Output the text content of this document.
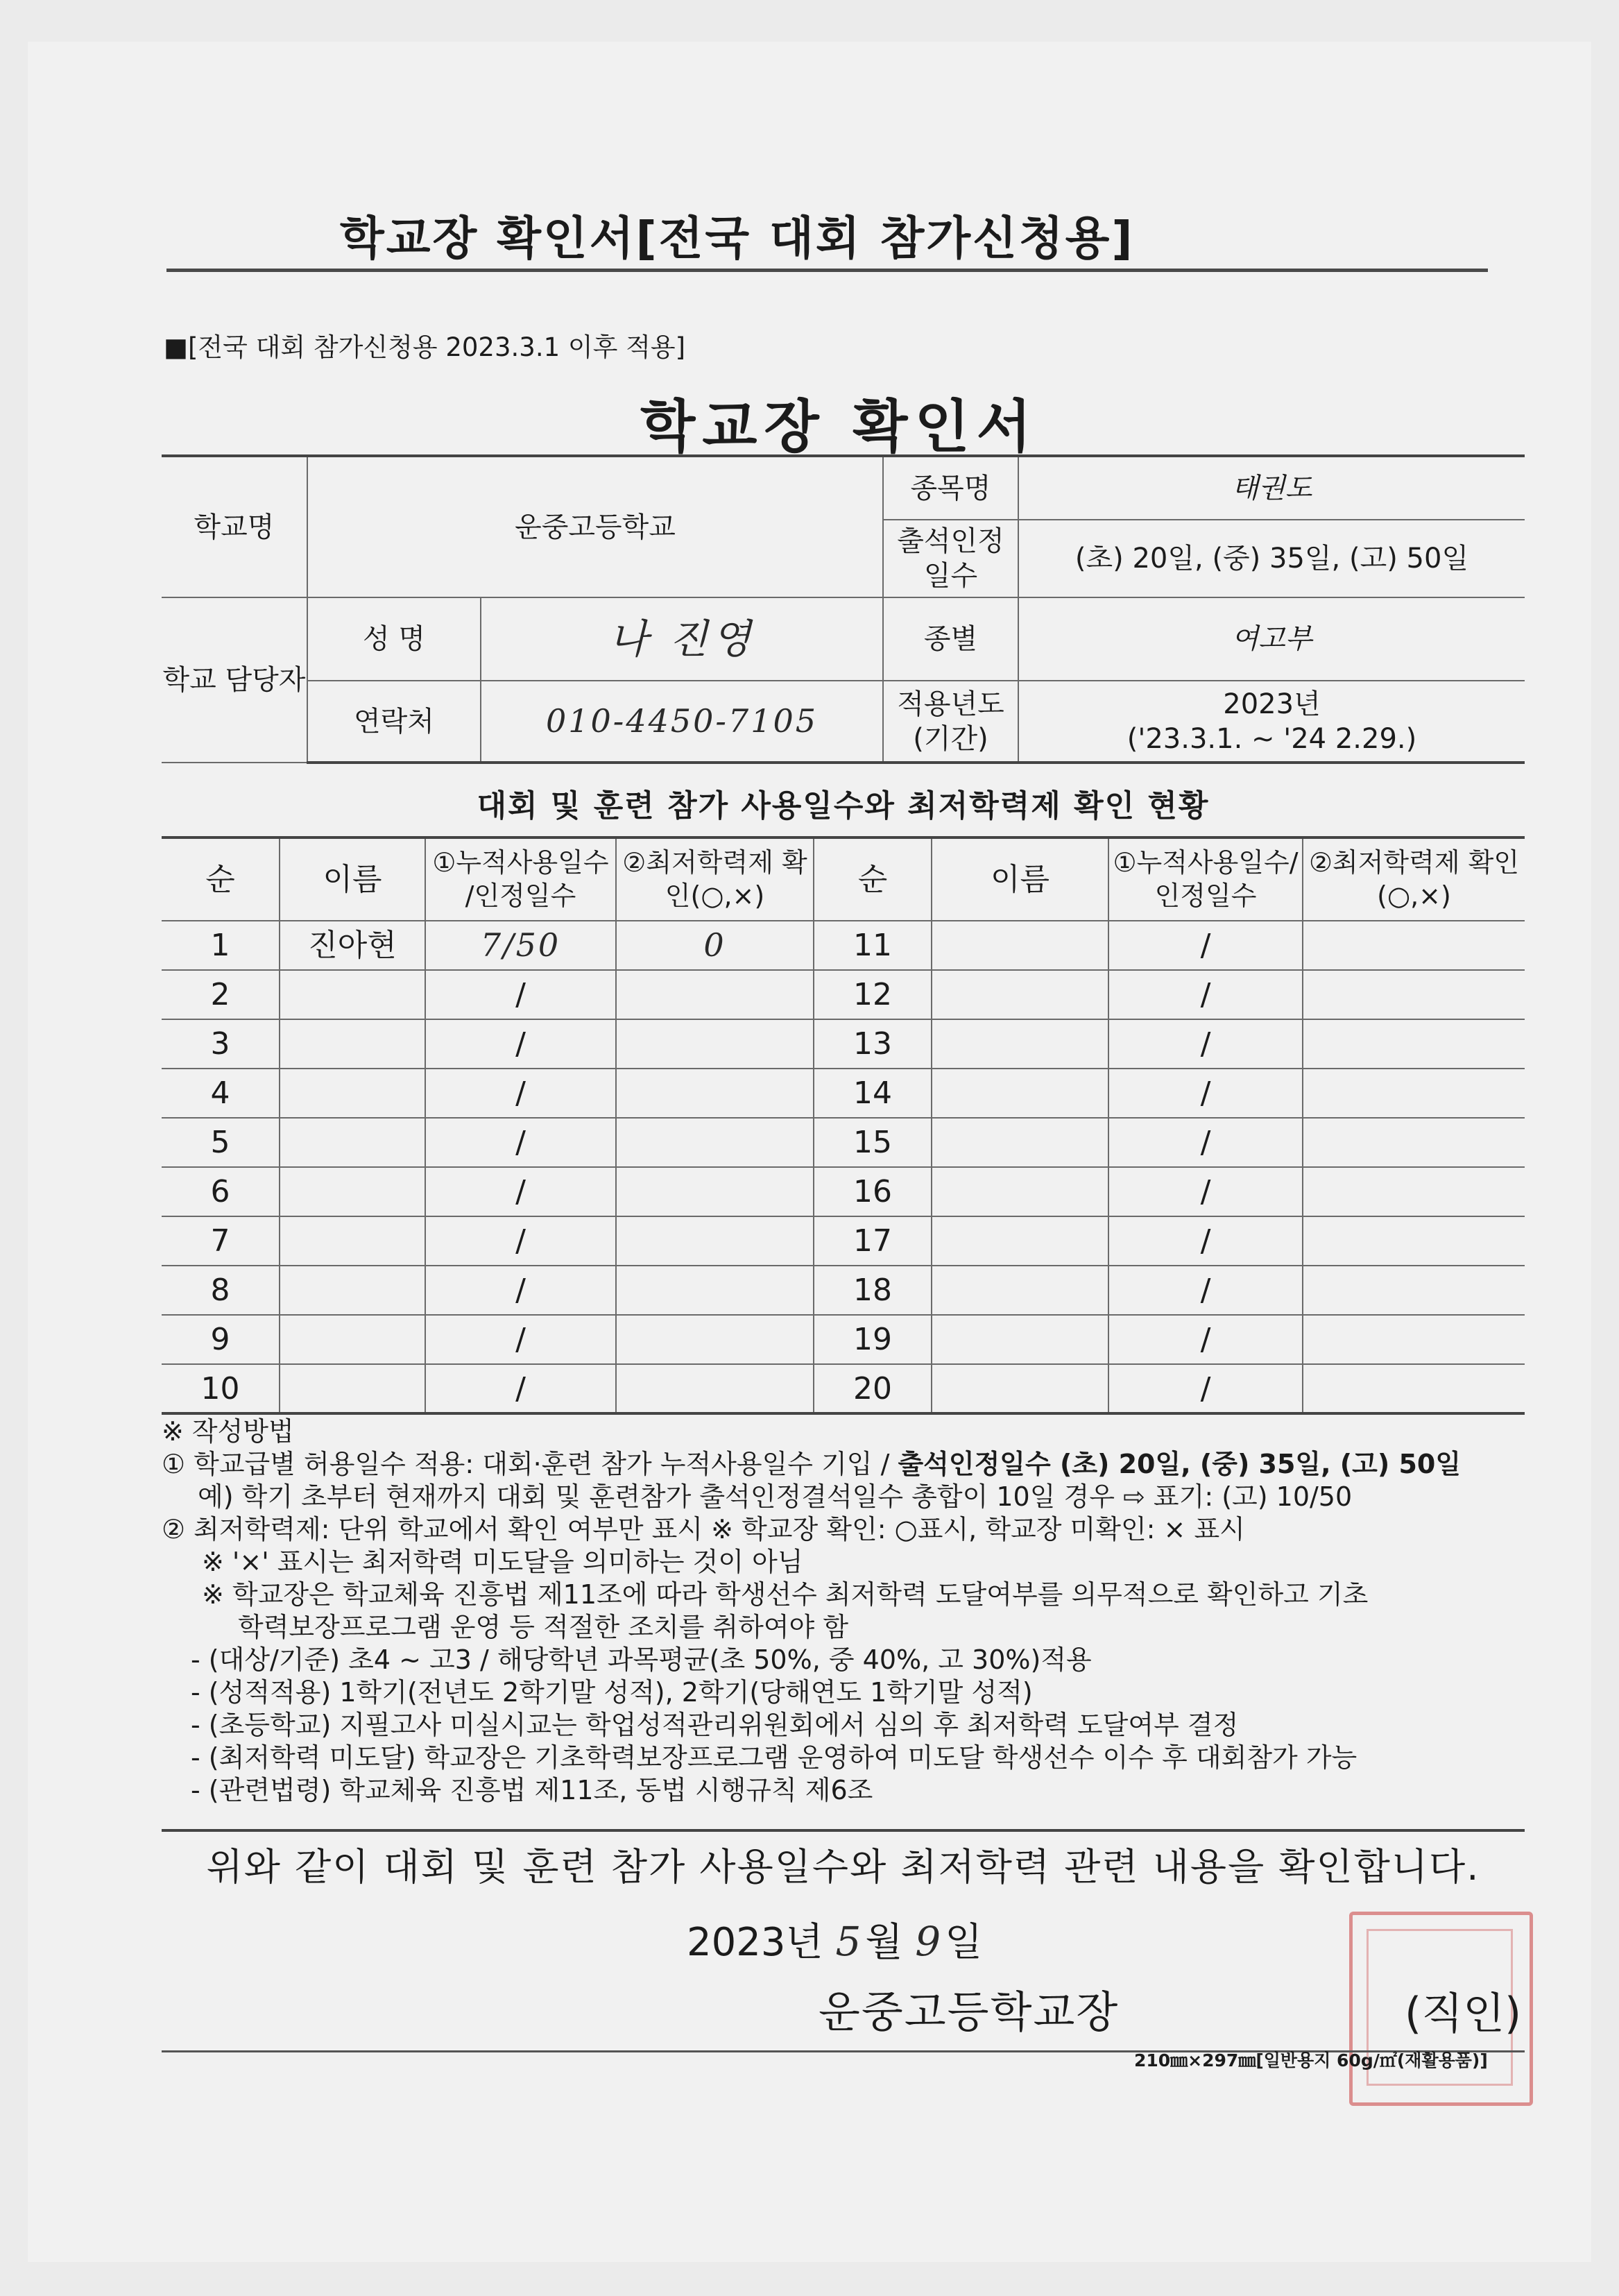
학교장 확인서[전국 대회 참가신청용]
■[전국 대회 참가신청용 2023.3.1 이후 적용]
학교장 확인서
학교명	운중고등학교		종목명	태권도
			출석인정 일수	(초) 20일, (중) 35일, (고) 50일
학교 담당자	성 명	나 진영	종별	여고부
	연락처	010-4450-7105	적용년도 (기간)	2023년
('23.3.1. ~ '24 2.29.)
대회 및 훈련 참가 사용일수와 최저학력제 확인 현황
순	이름	①누적사용일수 /인정일수	②최저학력제 확인(○,×)	순	이름	①누적사용일수/ 인정일수	②최저학력제 확인(○,×)
1	진아현	7/50	0	11		/	
2		/		12		/	
3		/		13		/	
4		/		14		/	
5		/		15		/	
6		/		16		/	
7		/		17		/	
8		/		18		/	
9		/		19		/	
10		/		20		/	
※ 작성방법
① 학교급별 허용일수 적용: 대회·훈련 참가 누적사용일수 기입 / 출석인정일수 (초) 20일, (중) 35일, (고) 50일
예) 학기 초부터 현재까지 대회 및 훈련참가 출석인정결석일수 총합이 10일 경우 ⇨ 표기: (고) 10/50
② 최저학력제: 단위 학교에서 확인 여부만 표시 ※ 학교장 확인: ○표시, 학교장 미확인: × 표시
※ '×' 표시는 최저학력 미도달을 의미하는 것이 아님
※ 학교장은 학교체육 진흥법 제11조에 따라 학생선수 최저학력 도달여부를 의무적으로 확인하고 기초
학력보장프로그램 운영 등 적절한 조치를 취하여야 함
- (대상/기준) 초4 ~ 고3 / 해당학년 과목평균(초 50%, 중 40%, 고 30%)적용
- (성적적용) 1학기(전년도 2학기말 성적), 2학기(당해연도 1학기말 성적)
- (초등학교) 지필고사 미실시교는 학업성적관리위원회에서 심의 후 최저학력 도달여부 결정
- (최저학력 미도달) 학교장은 기초학력보장프로그램 운영하여 미도달 학생선수 이수 후 대회참가 가능
- (관련법령) 학교체육 진흥법 제11조, 동법 시행규칙 제6조
위와 같이 대회 및 훈련 참가 사용일수와 최저학력 관련 내용을 확인합니다.
2023년 5월 9일
운중고등학교장	(직인)
210㎜×297㎜[일반용지 60g/㎡(재활용품)]
